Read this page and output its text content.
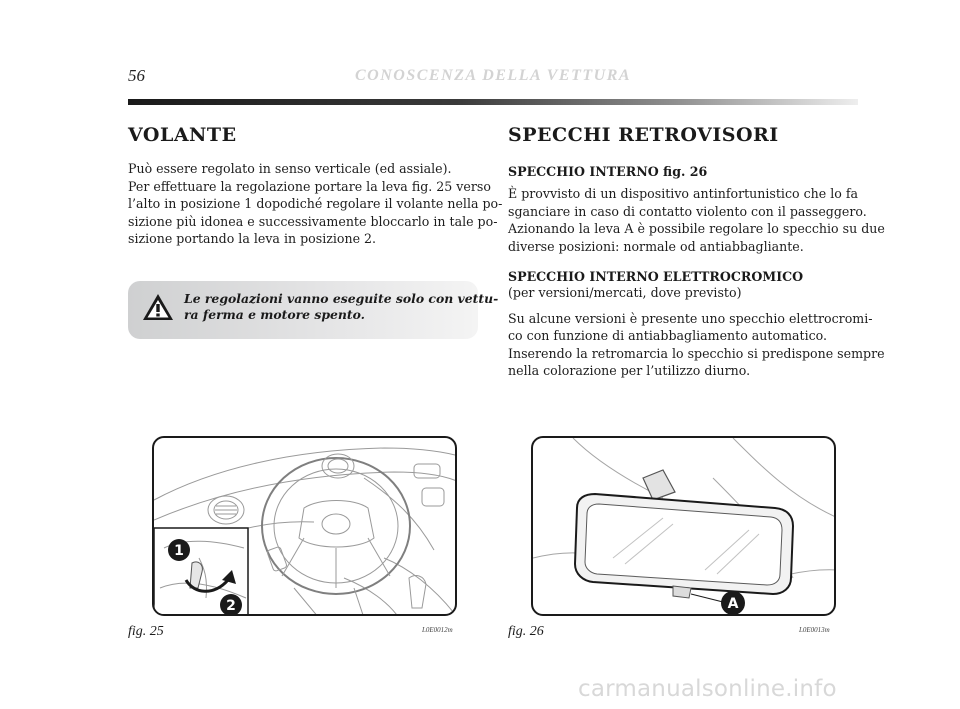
56	CONOSCENZA DELLA VETTURA
VOLANTE

Può essere regolato in senso verticale (ed assiale).
Per effettuare la regolazione portare la leva fig. 25 verso
l’alto in posizione 1 dopodiché regolare il volante nella po-
sizione più idonea e successivamente bloccarlo in tale po-
sizione portando la leva in posizione 2.

Le regolazioni vanno eseguite solo con vettu-
ra ferma e motore spento.
SPECCHI RETROVISORI
SPECCHIO INTERNO fig. 26

È provvisto di un dispositivo antinfortunistico che lo fa
sganciare in caso di contatto violento con il passeggero.
Azionando la leva A è possibile regolare lo specchio su due
diverse posizioni: normale od antiabbagliante.

SPECCHIO INTERNO ELETTROCROMICO

(per versioni/mercati, dove previsto)

Su alcune versioni è presente uno specchio elettrocromi-
co con funzione di antiabbagliamento automatico.
Inserendo la retromarcia lo specchio si predispone sempre
nella colorazione per l’utilizzo diurno.

1
2
fig. 25	L0E0012m
A
fig. 26	L0E0013m
carmanualsonline.info
